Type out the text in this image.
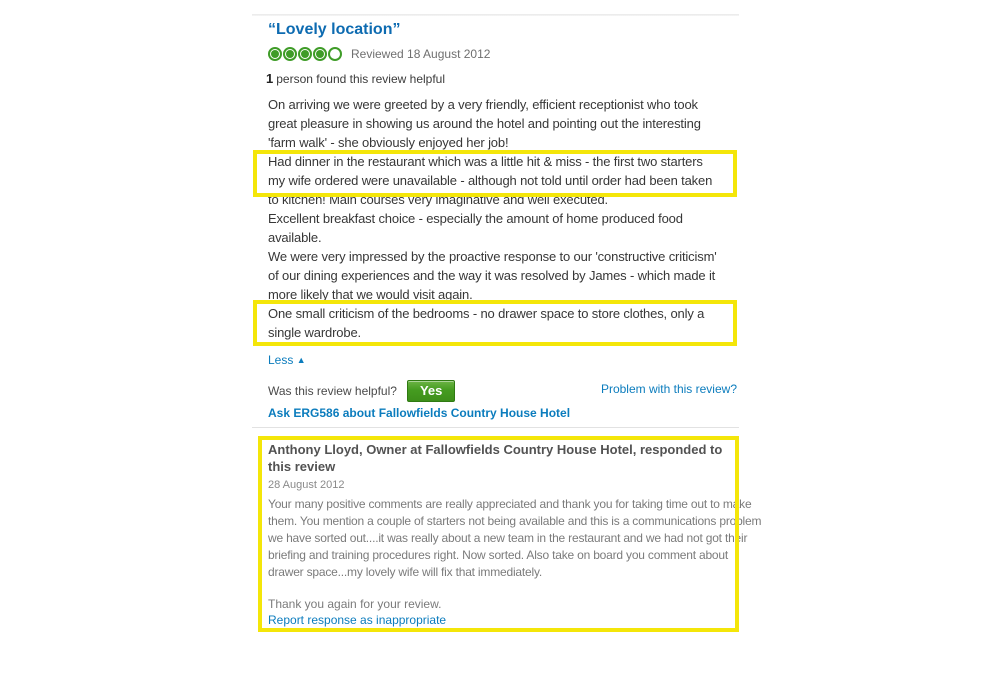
“Lovely location”
Reviewed 18 August 2012
1 person found this review helpful
On arriving we were greeted by a very friendly, efficient receptionist who took
great pleasure in showing us around the hotel and pointing out the interesting
'farm walk' - she obviously enjoyed her job!
Had dinner in the restaurant which was a little hit & miss - the first two starters
my wife ordered were unavailable - although not told until order had been taken
to kitchen! Main courses very imaginative and well executed.
Excellent breakfast choice - especially the amount of home produced food
available.
We were very impressed by the proactive response to our 'constructive criticism'
of our dining experiences and the way it was resolved by James - which made it
more likely that we would visit again.
One small criticism of the bedrooms - no drawer space to store clothes, only a
single wardrobe.
Less ▲
Was this review helpful?	Yes	Problem with this review?
Ask ERG586 about Fallowfields Country House Hotel
Anthony Lloyd, Owner at Fallowfields Country House Hotel, responded to this review
28 August 2012
Your many positive comments are really appreciated and thank you for taking time out to make
them. You mention a couple of starters not being available and this is a communications problem
we have sorted out....it was really about a new team in the restaurant and we had not got their
briefing and training procedures right. Now sorted. Also take on board you comment about
drawer space...my lovely wife will fix that immediately.
Thank you again for your review.
Report response as inappropriate
